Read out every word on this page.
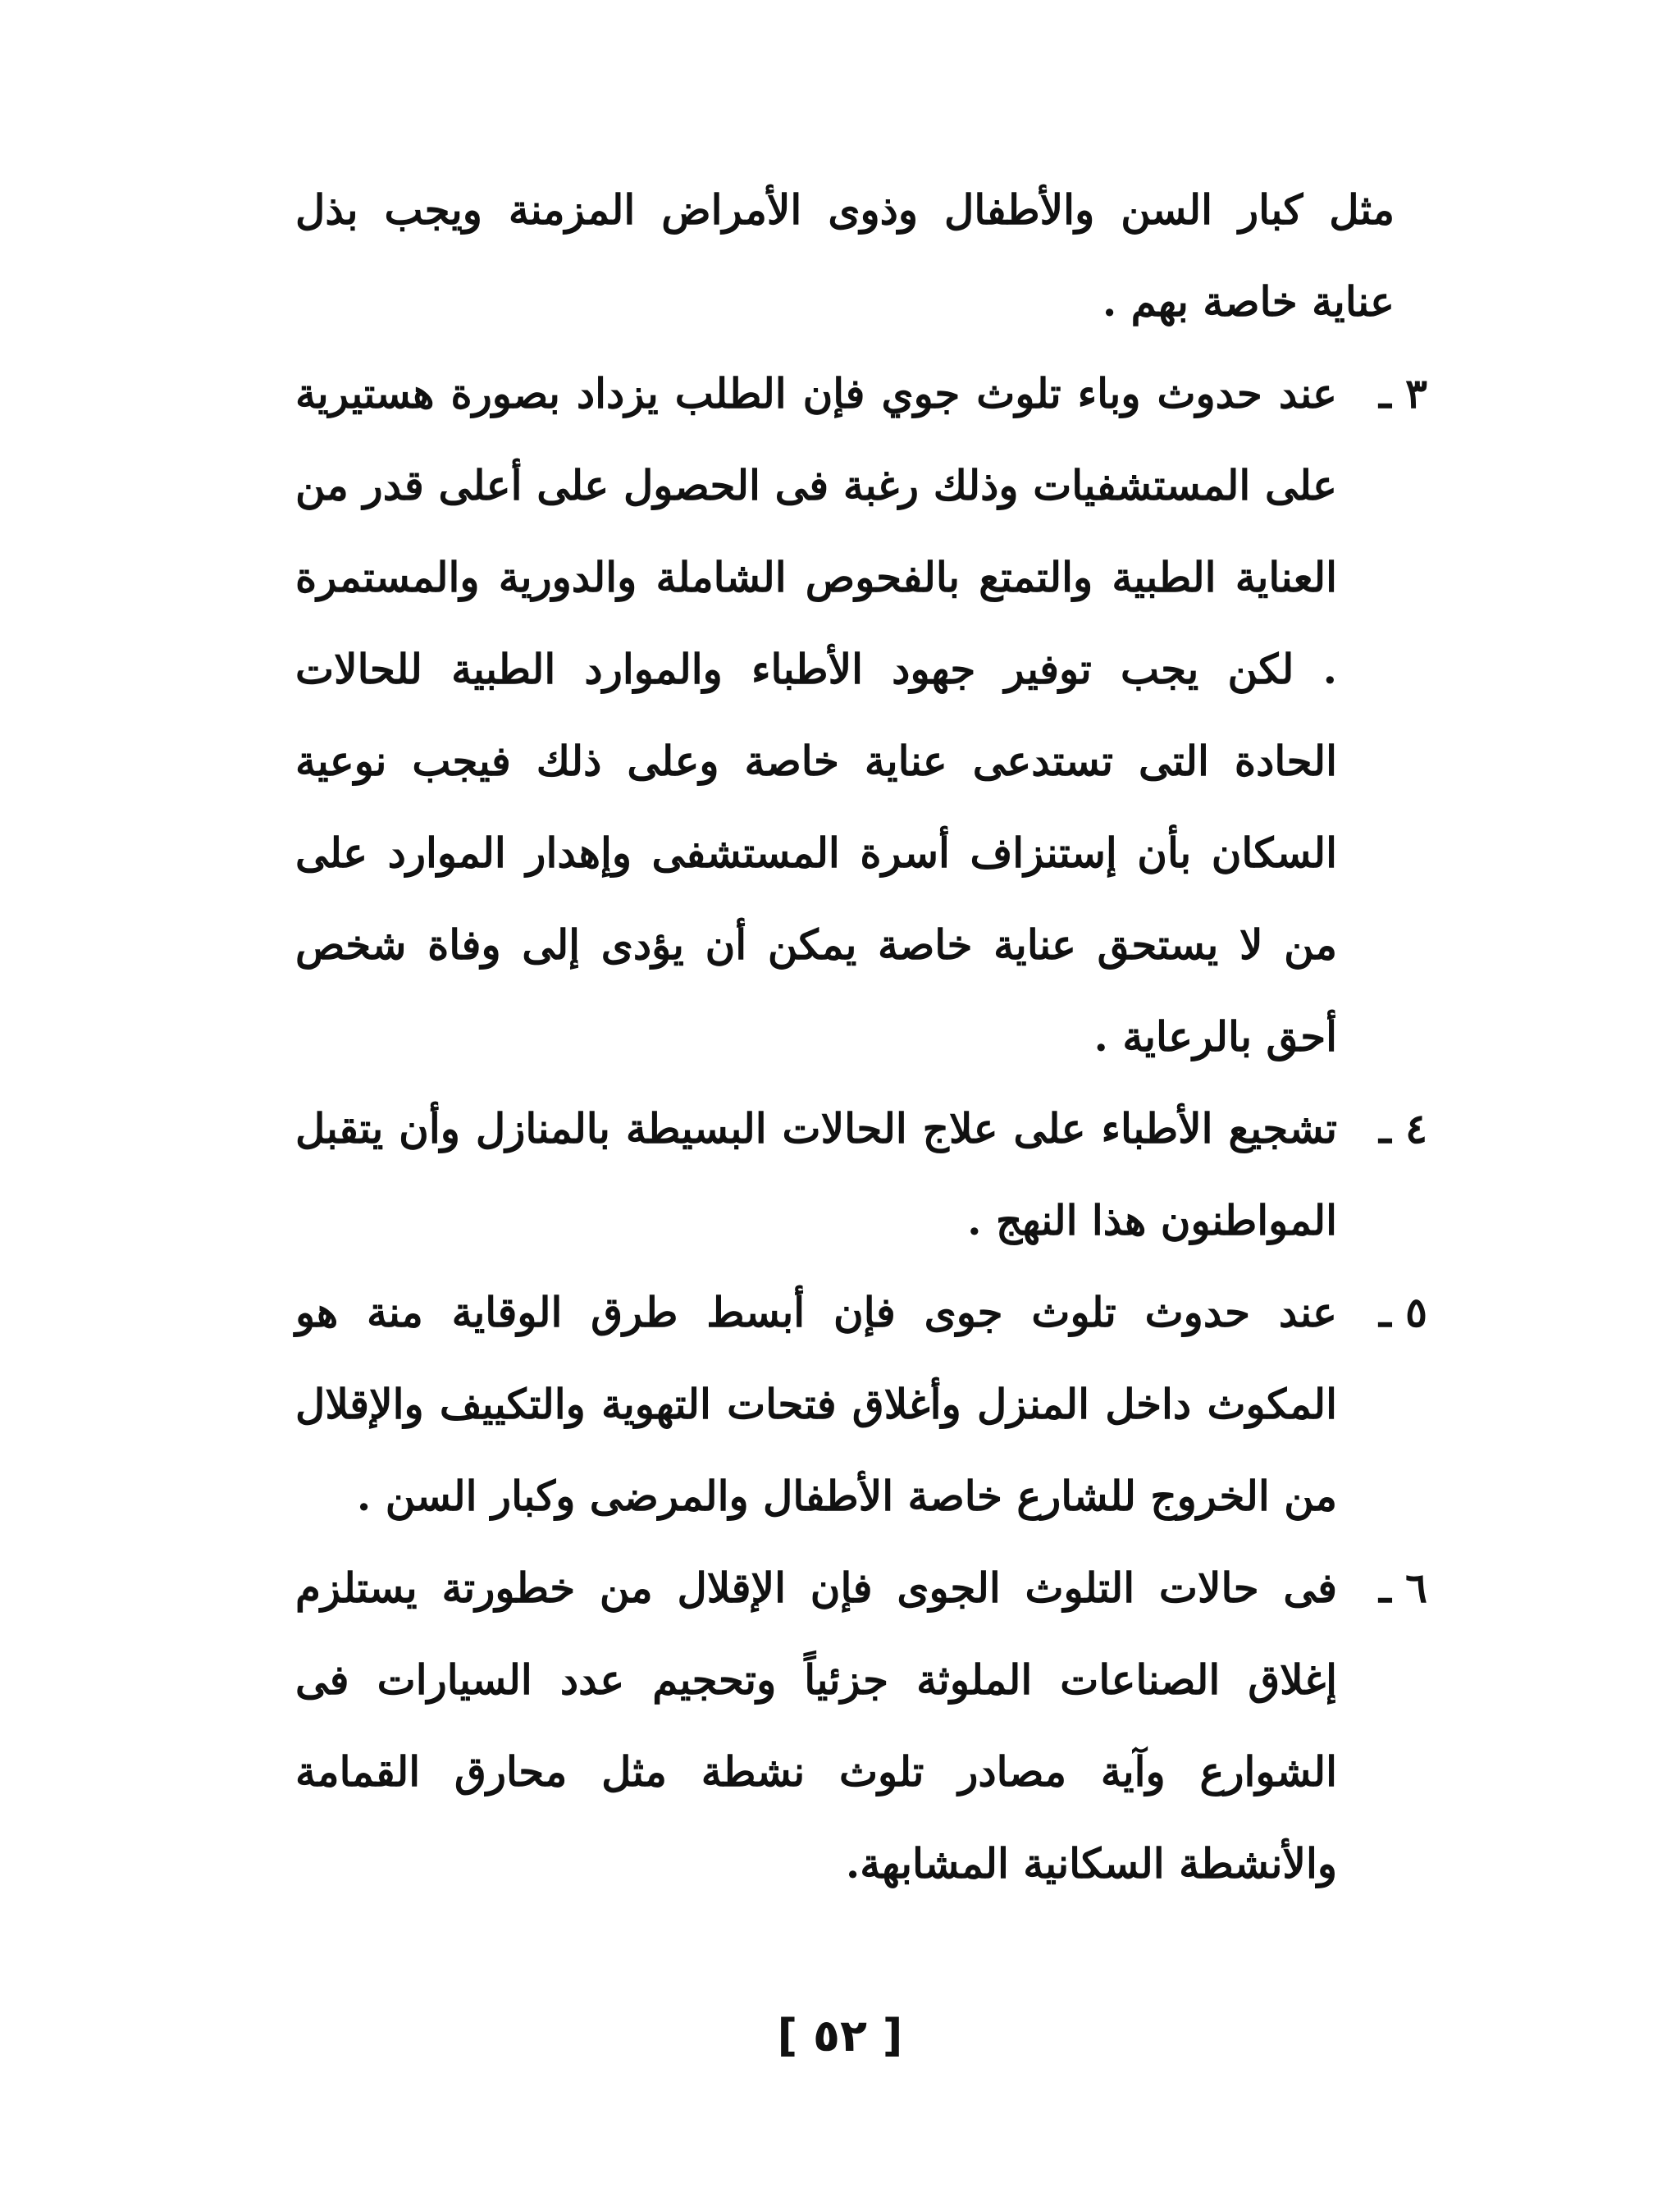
مثل كبار السن والأطفال وذوى الأمراض المزمنة ويجب بذل عناية خاصة بهم .

٣ ـ
عند حدوث وباء تلوث جوي فإن الطلب يزداد بصورة هستيرية على المستشفيات وذلك رغبة فى الحصول على أعلى قدر من العناية الطبية والتمتع بالفحوص الشاملة والدورية والمستمرة . لكن يجب توفير جهود الأطباء والموارد الطبية للحالات الحادة التى تستدعى عناية خاصة وعلى ذلك فيجب نوعية السكان بأن إستنزاف أسرة المستشفى وإهدار الموارد على من لا يستحق عناية خاصة يمكن أن يؤدى إلى وفاة شخص أحق بالرعاية .

٤ ـ
تشجيع الأطباء على علاج الحالات البسيطة بالمنازل وأن يتقبل المواطنون هذا النهج .

٥ ـ
عند حدوث تلوث جوى فإن أبسط طرق الوقاية منة هو المكوث داخل المنزل وأغلاق فتحات التهوية والتكييف والإقلال من الخروج للشارع خاصة الأطفال والمرضى وكبار السن .

٦ ـ
فى حالات التلوث الجوى فإن الإقلال من خطورتة يستلزم إغلاق الصناعات الملوثة جزئياً وتحجيم عدد السيارات فى الشوارع وآية مصادر تلوث نشطة مثل محارق القمامة والأنشطة السكانية المشابهة.

[ ٥٢ ]
